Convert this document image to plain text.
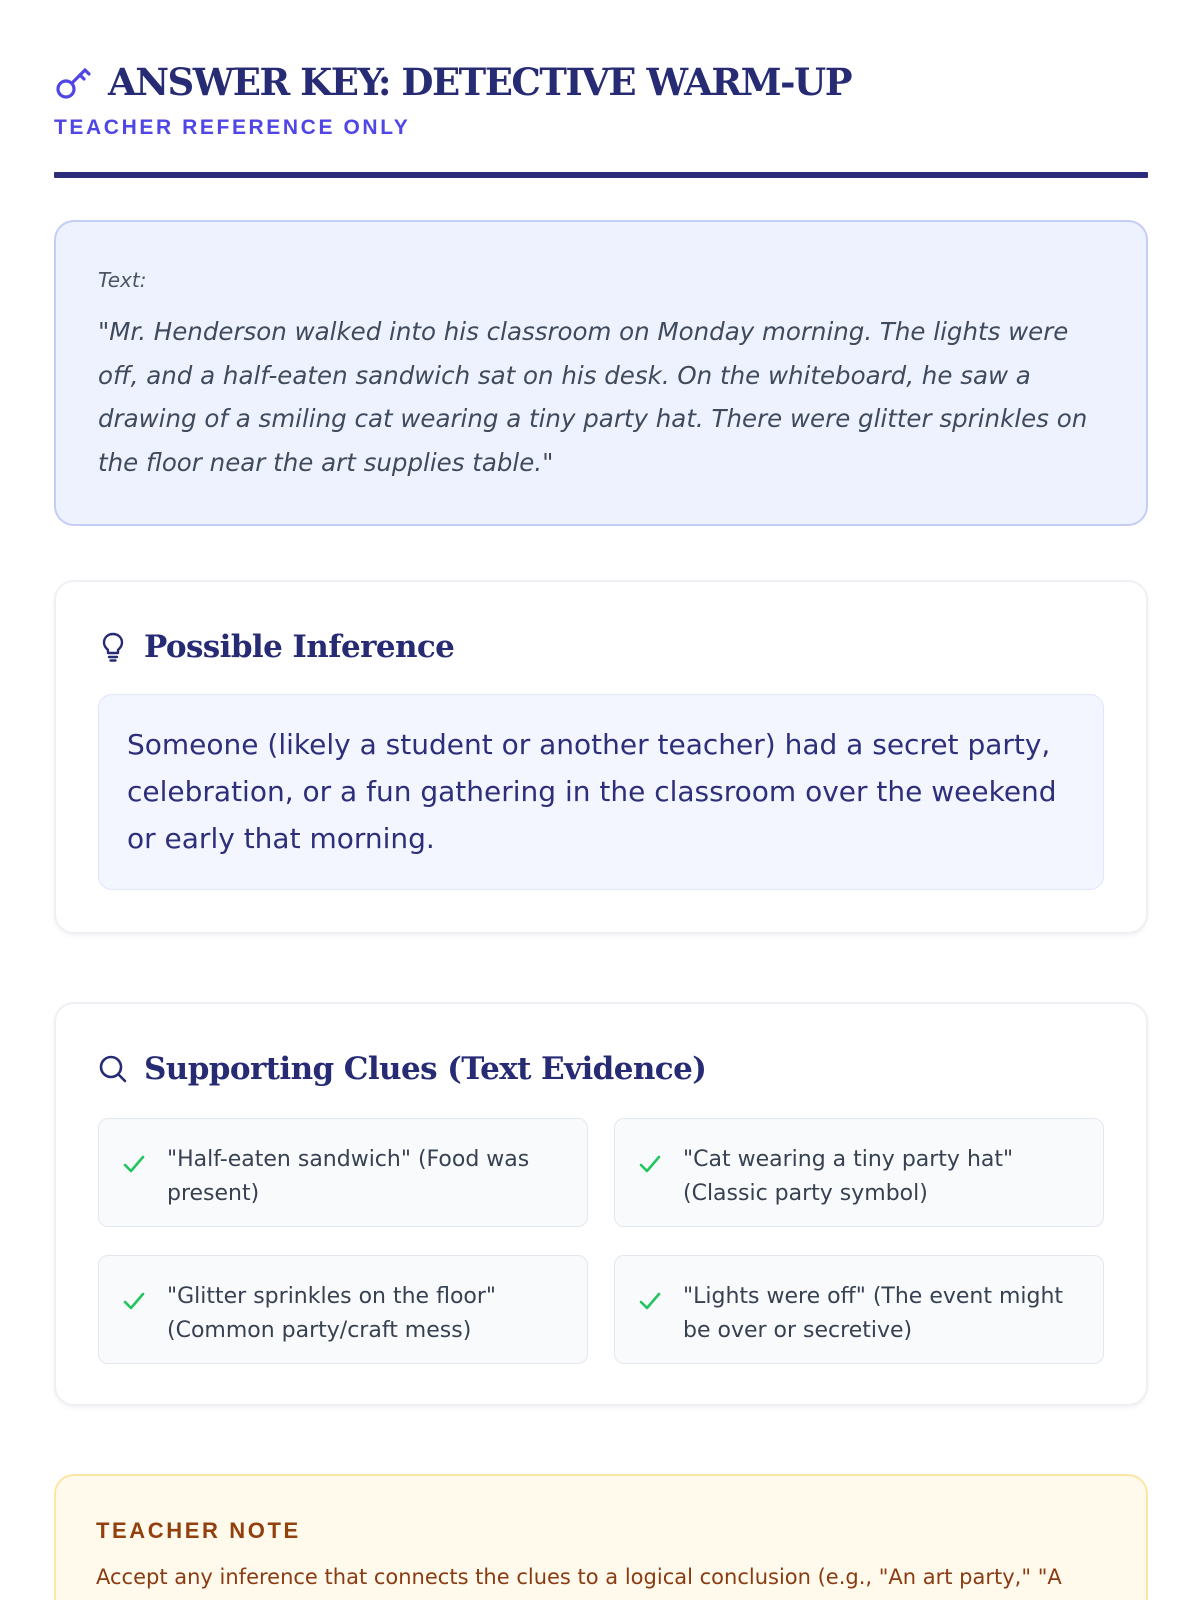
ANSWER KEY: DETECTIVE WARM-UP
TEACHER REFERENCE ONLY
Text:

"Mr. Henderson walked into his classroom on Monday morning. The lights were off, and a half-eaten sandwich sat on his desk. On the whiteboard, he saw a drawing of a smiling cat wearing a tiny party hat. There were glitter sprinkles on the floor near the art supplies table."

Possible Inference

Someone (likely a student or another teacher) had a secret party, celebration, or a fun gathering in the classroom over the weekend or early that morning.

Supporting Clues (Text Evidence)
"Half-eaten sandwich" (Food was present)
"Cat wearing a tiny party hat" (Classic party symbol)
"Glitter sprinkles on the floor" (Common party/craft mess)
"Lights were off" (The event might be over or secretive)
TEACHER NOTE

Accept any inference that connects the clues to a logical conclusion (e.g., "An art party," "A
